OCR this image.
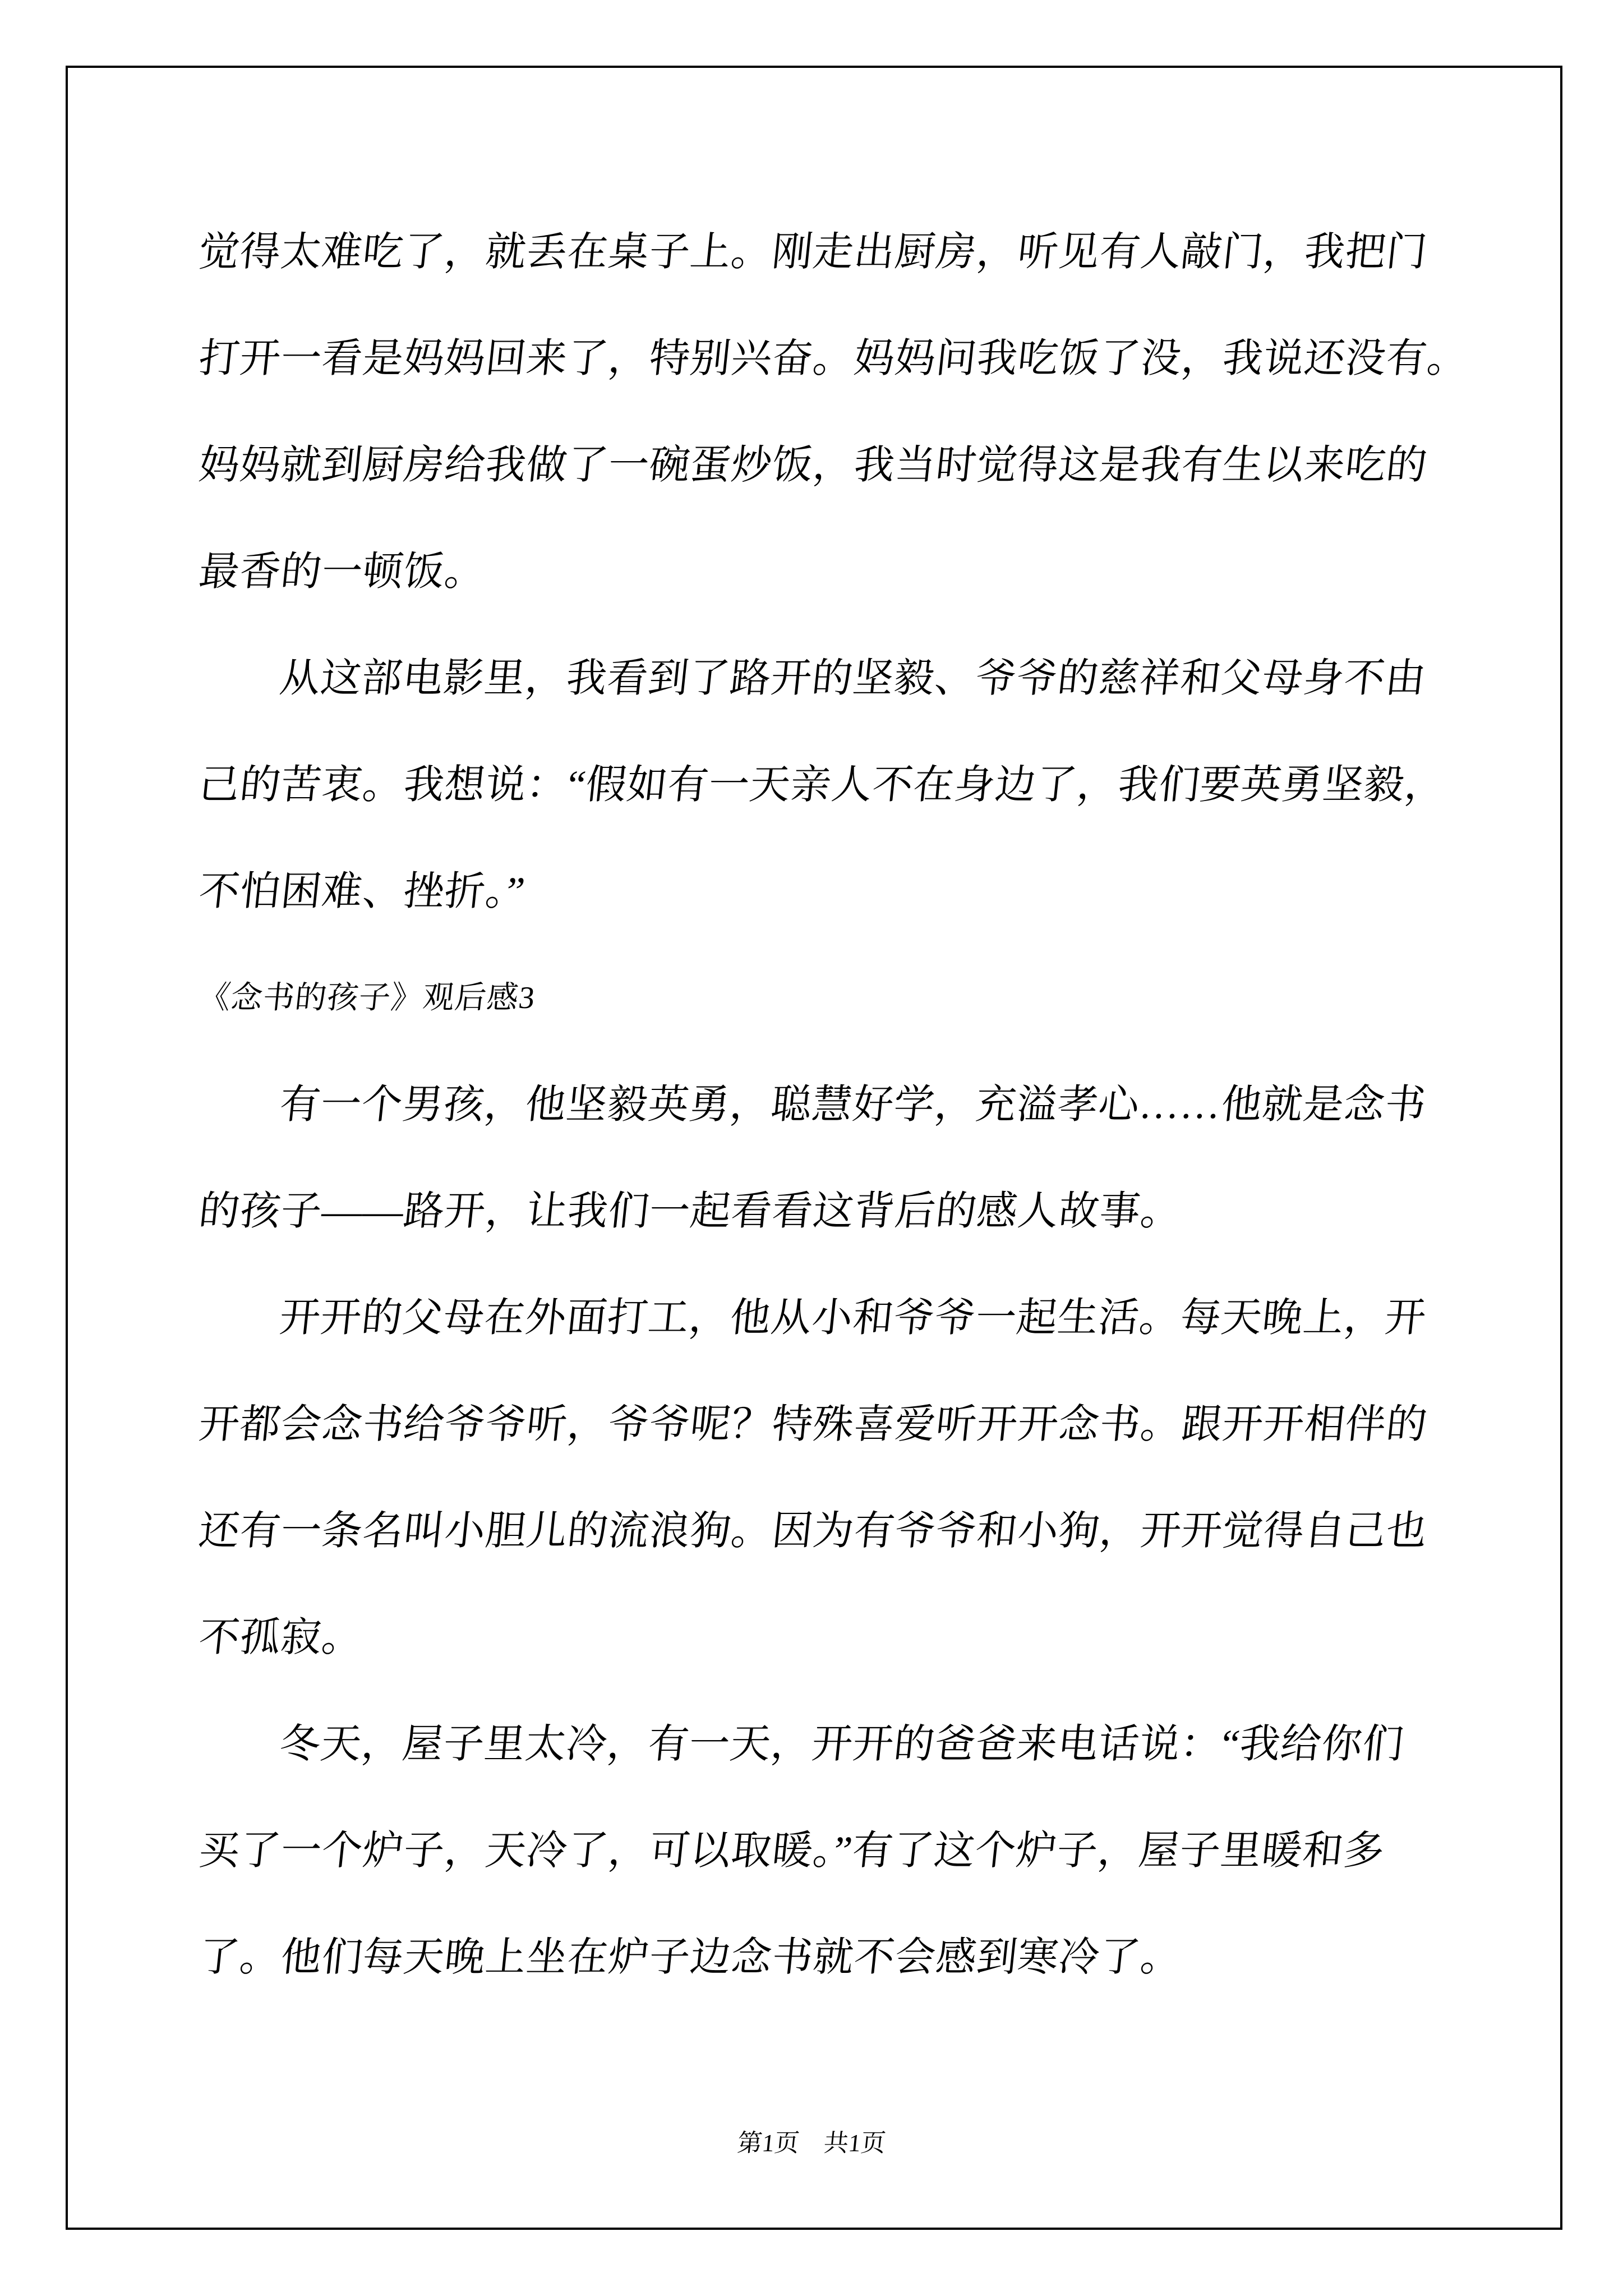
觉得太难吃了，就丢在桌子上。刚走出厨房，听见有人敲门，我把门
打开一看是妈妈回来了，特别兴奋。妈妈问我吃饭了没，我说还没有。
妈妈就到厨房给我做了一碗蛋炒饭，我当时觉得这是我有生以来吃的
最香的一顿饭。
从这部电影里，我看到了路开的坚毅、爷爷的慈祥和父母身不由
己的苦衷。我想说：“假如有一天亲人不在身边了，我们要英勇坚毅，
不怕困难、挫折。”
《念书的孩子》观后感3
有一个男孩，他坚毅英勇，聪慧好学，充溢孝心……他就是念书
的孩子——路开，让我们一起看看这背后的感人故事。
开开的父母在外面打工，他从小和爷爷一起生活。每天晚上，开
开都会念书给爷爷听，爷爷呢？特殊喜爱听开开念书。跟开开相伴的
还有一条名叫小胆儿的流浪狗。因为有爷爷和小狗，开开觉得自己也
不孤寂。
冬天，屋子里太冷，有一天，开开的爸爸来电话说：“我给你们
买了一个炉子，天冷了，可以取暖。”有了这个炉子，屋子里暖和多
了。他们每天晚上坐在炉子边念书就不会感到寒冷了。
第1页　共1页
